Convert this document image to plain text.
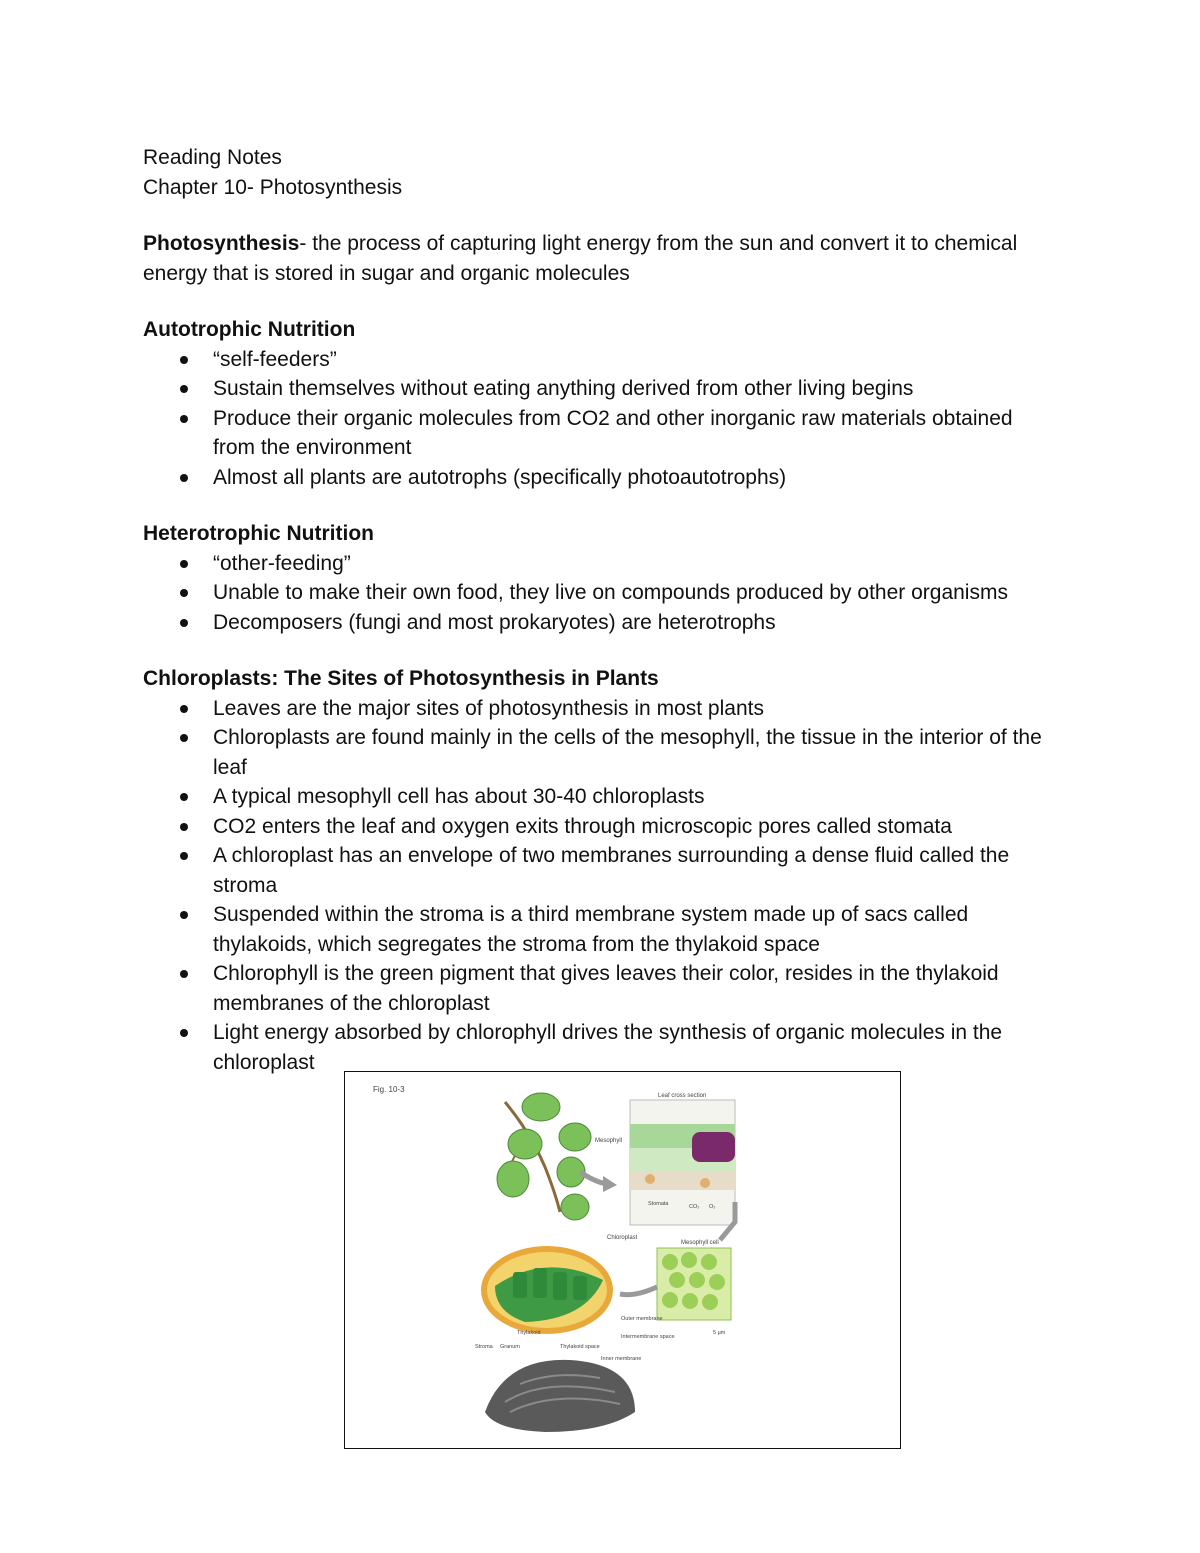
Reading Notes

Chapter 10- Photosynthesis

Photosynthesis- the process of capturing light energy from the sun and convert it to chemical energy that is stored in sugar and organic molecules

Autotrophic Nutrition

“self-feeders”
Sustain themselves without eating anything derived from other living begins
Produce their organic molecules from CO2 and other inorganic raw materials obtained from the environment
Almost all plants are autotrophs (specifically photoautotrophs)

Heterotrophic Nutrition

“other-feeding”
Unable to make their own food, they live on compounds produced by other organisms
Decomposers (fungi and most prokaryotes) are heterotrophs

Chloroplasts: The Sites of Photosynthesis in Plants

Leaves are the major sites of photosynthesis in most plants
Chloroplasts are found mainly in the cells of the mesophyll, the tissue in the interior of the leaf
A typical mesophyll cell has about 30-40 chloroplasts
CO2 enters the leaf and oxygen exits through microscopic pores called stomata
A chloroplast has an envelope of two membranes surrounding a dense fluid called the stroma
Suspended within the stroma is a third membrane system made up of sacs called thylakoids, which segregates the stroma from the thylakoid space
Chlorophyll is the green pigment that gives leaves their color, resides in the thylakoid membranes of the chloroplast
Light energy absorbed by chlorophyll drives the synthesis of organic molecules in the chloroplast
Fig. 10-3
Leaf cross section
Mesophyll
Stomata	CO₂ O₂
Chloroplast
Mesophyll cell
5 µm
Outer membrane
Intermembrane space
Inner membrane
Thylakoid
Thylakoid space
Stroma Granum
